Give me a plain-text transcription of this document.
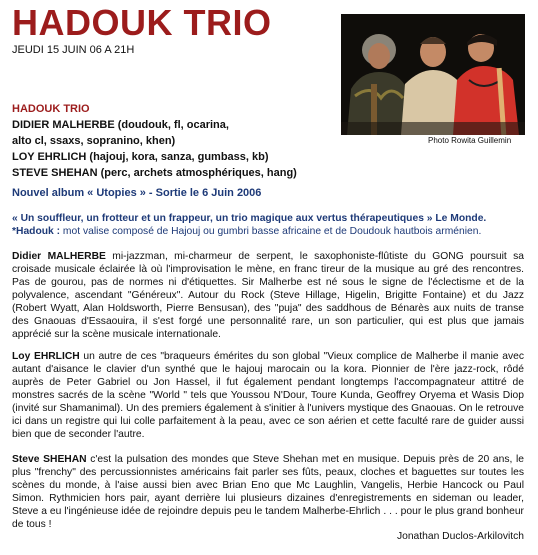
HADOUK TRIO
JEUDI 15 JUIN 06 A 21H
Photo Rowita Guillemin
HADOUK TRIO
DIDIER MALHERBE (doudouk, fl, ocarina,
alto cl, ssaxs, sopranino, khen)
LOY EHRLICH (hajouj, kora, sanza, gumbass, kb)
STEVE SHEHAN (perc, archets atmosphériques, hang)
Nouvel album « Utopies » - Sortie le 6 Juin 2006

« Un souffleur, un frotteur et un frappeur, un trio magique aux vertus thérapeutiques » Le Monde.
*Hadouk : mot valise composé de Hajouj ou gumbri basse africaine et de Doudouk hautbois arménien.

Didier MALHERBE mi-jazzman, mi-charmeur de serpent, le saxophoniste-flûtiste du GONG poursuit sa croisade musicale éclairée là où l'improvisation le mène, en franc tireur de la musique au gré des rencontres. Pas de gourou, pas de normes ni d'étiquettes. Sir Malherbe est né sous le signe de l'éclectisme et de la polyvalence, ascendant "Généreux". Autour du Rock (Steve Hillage, Higelin, Brigitte Fontaine) et du Jazz (Robert Wyatt, Alan Holdsworth, Pierre Bensusan), des "puja" des saddhous de Bénarès aux nuits de transe des Gnaouas d'Essaouira, il s'est forgé une personnalité rare, un son particulier, qui est plus que jamais apprécié sur la scène musicale internationale.

Loy EHRLICH un autre de ces "braqueurs émérites du son global "Vieux complice de Malherbe il manie avec autant d'aisance le clavier d'un synthé que le hajouj marocain ou la kora. Pionnier de l'ère jazz-rock, rôdé auprès de Peter Gabriel ou Jon Hassel, il fut également pendant longtemps l'accompagnateur attitré de monstres sacrés de la scène "World " tels que Youssou N'Dour, Toure Kunda, Geoffrey Oryema et Wasis Diop (invité sur Shamanimal). Un des premiers également à s'initier à l'univers mystique des Gnaouas. On le retrouve ici dans un registre qui lui colle parfaitement à la peau, avec ce son aérien et cette faculté rare de guider aussi bien que de seconder l'autre.

Steve SHEHAN c'est la pulsation des mondes que Steve Shehan met en musique. Depuis près de 20 ans, le plus "frenchy" des percussionnistes américains fait parler ses fûts, peaux, cloches et baguettes sur toutes les scènes du monde, à l'aise aussi bien avec Brian Eno que Mc Laughlin, Vangelis, Herbie Hancock ou Paul Simon. Rythmicien hors pair, ayant derrière lui plusieurs dizaines d'enregistrements en sideman ou leader, Steve a eu l'ingénieuse idée de rejoindre depuis peu le tandem Malherbe-Ehrlich . . . pour le plus grand bonheur de tous !

Jonathan Duclos-Arkilovitch
